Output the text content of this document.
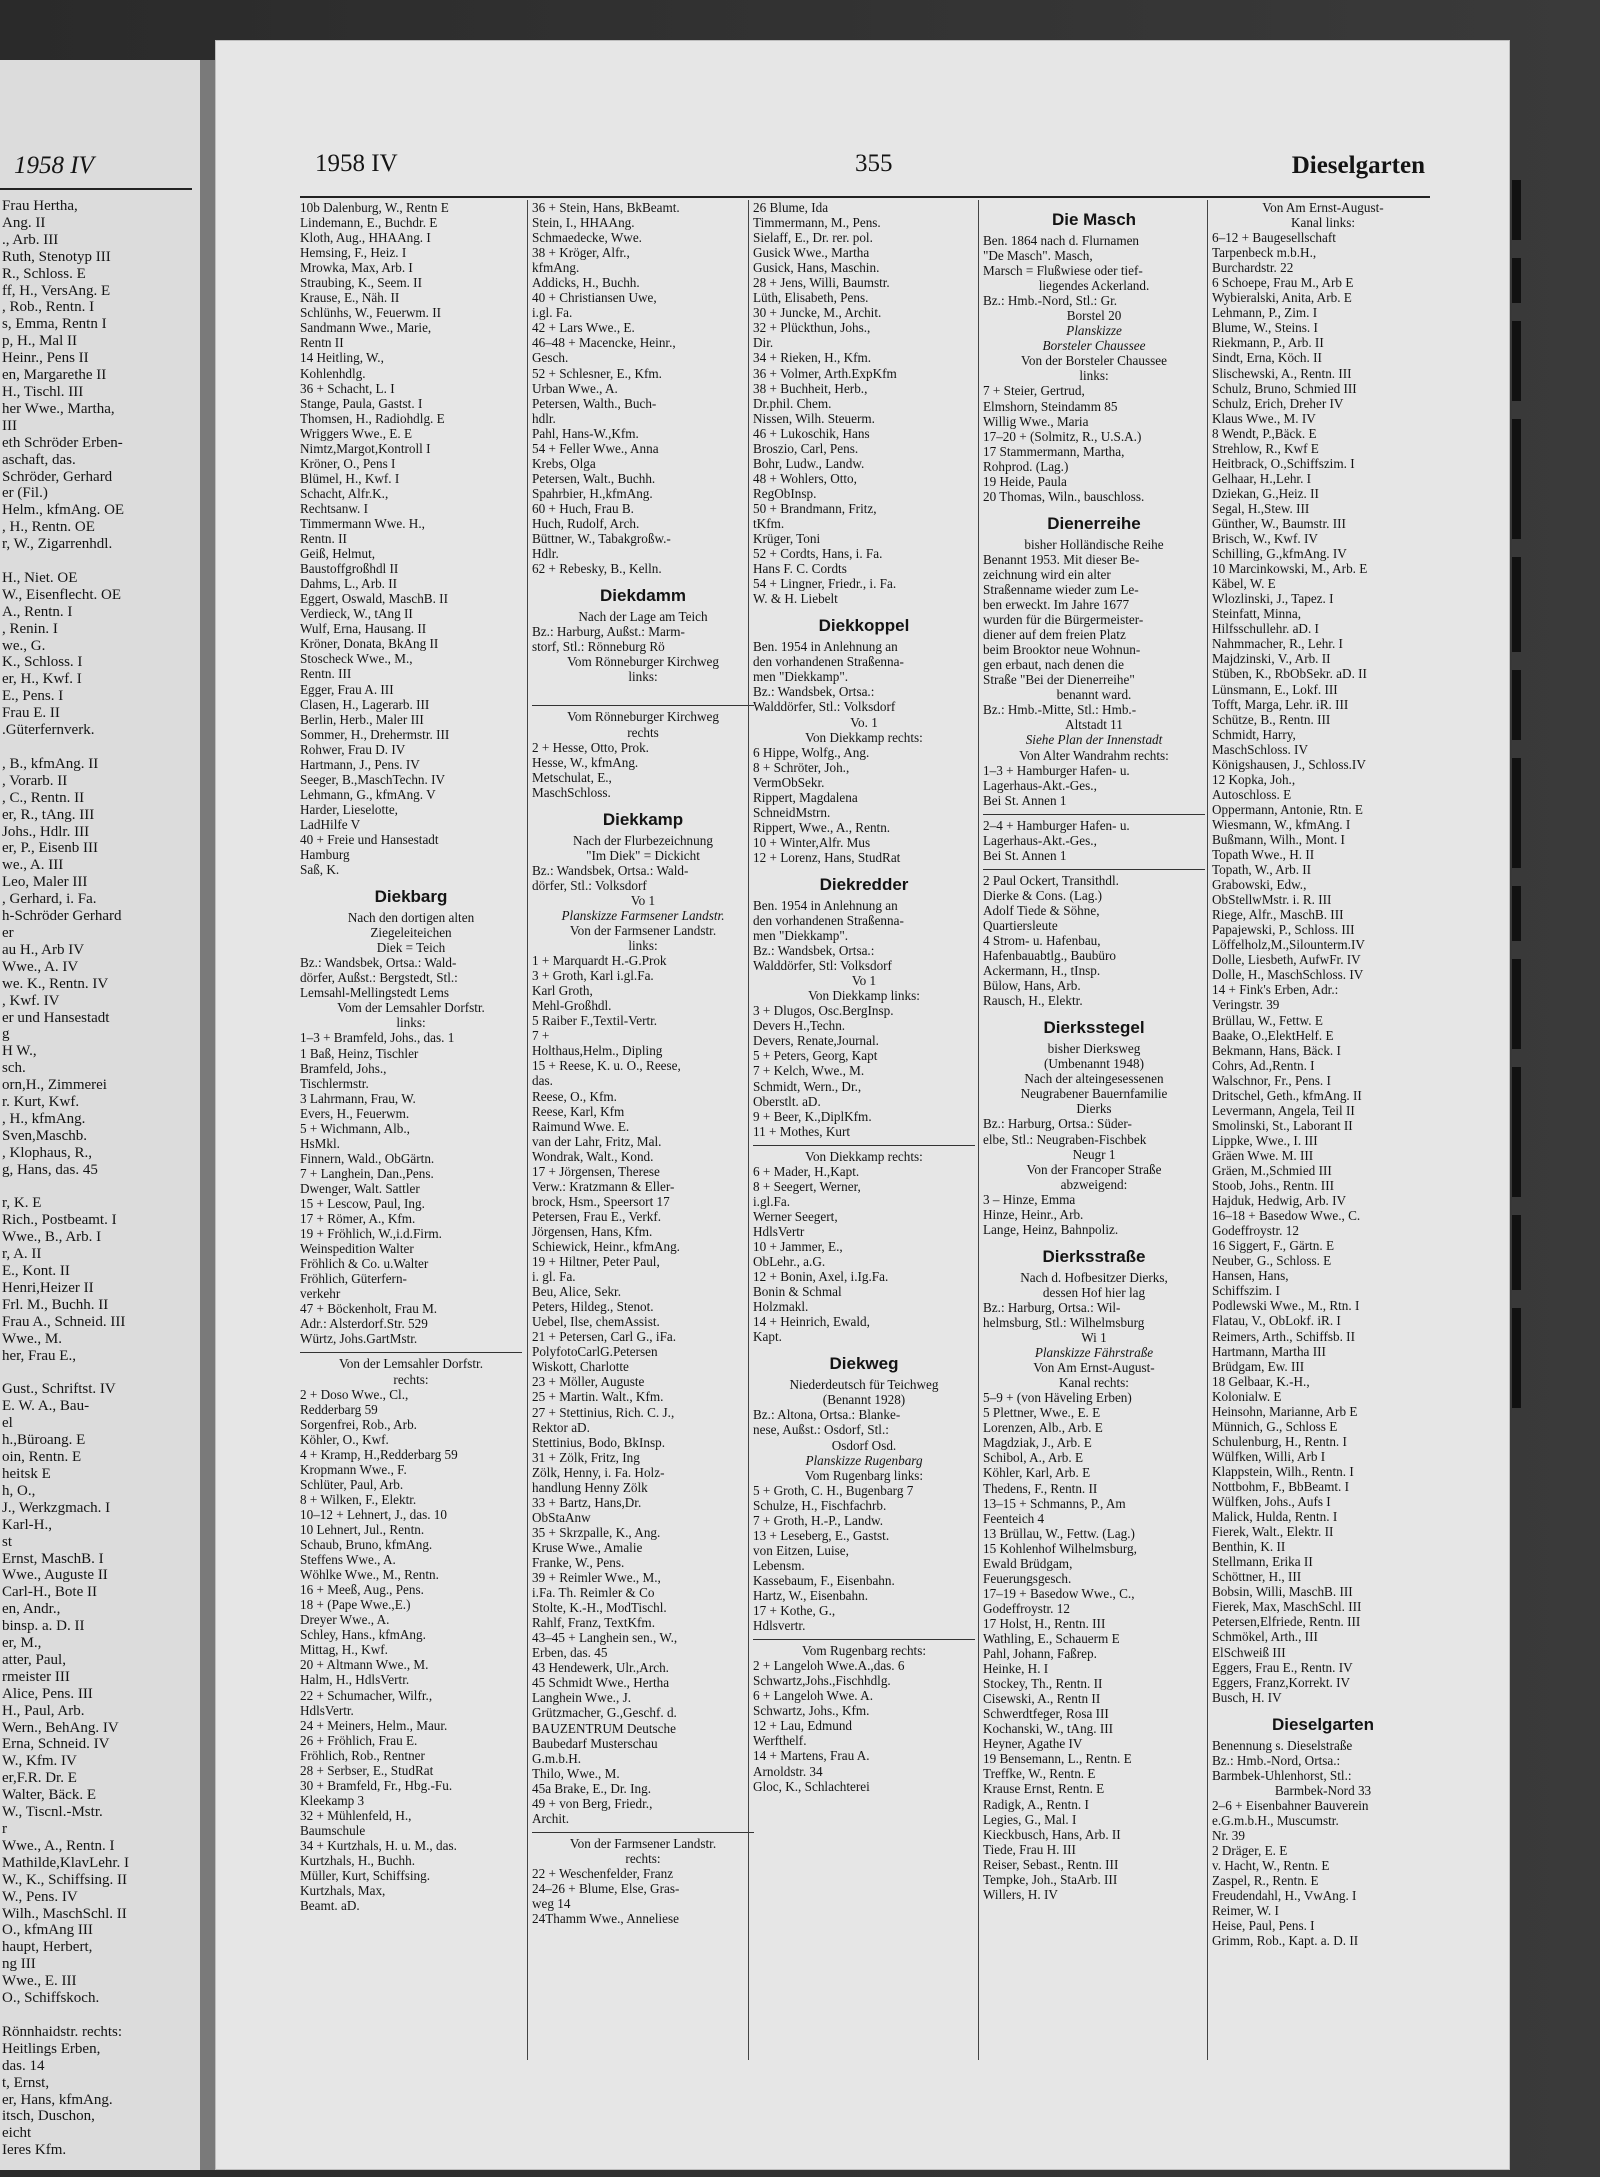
1958 IV
Frau Hertha,
Ang. II
., Arb. III
Ruth, Stenotyp III
R., Schloss. E
ff, H., VersAng. E
, Rob., Rentn. I
s, Emma, Rentn I
p, H., Mal II
Heinr., Pens II
en, Margarethe II
H., Tischl. III
her Wwe., Martha,
III
eth Schröder Erben-
aschaft, das.
Schröder, Gerhard
er (Fil.)
Helm., kfmAng. OE
, H., Rentn. OE
r, W., Zigarrenhdl.

H., Niet. OE
W., Eisenflecht. OE
A., Rentn. I
, Renin. I
we., G.
K., Schloss. I
er, H., Kwf. I
E., Pens. I
Frau E. II
.Güterfernverk.

, B., kfmAng. II
, Vorarb. II
, C., Rentn. II
er, R., tAng. III
Johs., Hdlr. III
er, P., Eisenb III
we., A. III
Leo, Maler III
, Gerhard, i. Fa.
h-Schröder Gerhard
er
au H., Arb IV
Wwe., A. IV
we. K., Rentn. IV
, Kwf. IV
er und Hansestadt
g
H W.,
sch.
orn,H., Zimmerei
r. Kurt, Kwf.
, H., kfmAng.
Sven,Maschb.
, Klophaus, R.,
g, Hans, das. 45

r, K. E
Rich., Postbeamt. I
Wwe., B., Arb. I
r, A. II
E., Kont. II
Henri,Heizer II
Frl. M., Buchh. II
Frau A., Schneid. III
Wwe., M.
her, Frau E.,

Gust., Schriftst. IV
E. W. A., Bau-
el
h.,Büroang. E
oin, Rentn. E
heitsk E
h, O.,
J., Werkzgmach. I
Karl-H.,
st
Ernst, MaschB. I
Wwe., Auguste II
Carl-H., Bote II
en, Andr.,
binsp. a. D. II
er, M.,
atter, Paul,
rmeister III
Alice, Pens. III
H., Paul, Arb.
Wern., BehAng. IV
Erna, Schneid. IV
W., Kfm. IV
er,F.R. Dr. E
Walter, Bäck. E
W., Tiscnl.-Mstr.
r
Wwe., A., Rentn. I
Mathilde,KlavLehr. I
W., K., Schiffsing. II
W., Pens. IV
Wilh., MaschSchl. II
O., kfmAng III
haupt, Herbert,
ng III
Wwe., E. III
O., Schiffskoch.

Rönnhaidstr. rechts:
Heitlings Erben,
das. 14
t, Ernst,
er, Hans, kfmAng.
itsch, Duschon,
eicht
Ieres Kfm.
1958 IV	355	Dieselgarten
10b Dalenburg, W., Rentn E
Lindemann, E., Buchdr. E
Kloth, Aug., HHAAng. I
Hemsing, F., Heiz. I
Mrowka, Max, Arb. I
Straubing, K., Seem. II
Krause, E., Näh. II
Schlünhs, W., Feuerwm. II
Sandmann Wwe., Marie,
Rentn II
14 Heitling, W.,
Kohlenhdlg.
36 + Schacht, L. I
Stange, Paula, Gastst. I
Thomsen, H., Radiohdlg. E
Wriggers Wwe., E. E
Nimtz,Margot,Kontroll I
Kröner, O., Pens I
Blümel, H., Kwf. I
Schacht, Alfr.K.,
Rechtsanw. I
Timmermann Wwe. H.,
Rentn. II
Geiß, Helmut,
Baustoffgroßhdl II
Dahms, L., Arb. II
Eggert, Oswald, MaschB. II
Verdieck, W., tAng II
Wulf, Erna, Hausang. II
Kröner, Donata, BkAng II
Stoscheck Wwe., M.,
Rentn. III
Egger, Frau A. III
Clasen, H., Lagerarb. III
Berlin, Herb., Maler III
Sommer, H., Drehermstr. III
Rohwer, Frau D. IV
Hartmann, J., Pens. IV
Seeger, B.,MaschTechn. IV
Lehmann, G., kfmAng. V
Harder, Lieselotte,
LadHilfe V
40 + Freie und Hansestadt
Hamburg
Saß, K.
Diekbarg
Nach den dortigen alten
Ziegeleiteichen
Diek = Teich
Bz.: Wandsbek, Ortsa.: Wald-
dörfer, Außst.: Bergstedt, Stl.:
Lemsahl-Mellingstedt Lems
Vom der Lemsahler Dorfstr.
links:
1–3 + Bramfeld, Johs., das. 1
1 Baß, Heinz, Tischler
Bramfeld, Johs.,
Tischlermstr.
3 Lahrmann, Frau, W.
Evers, H., Feuerwm.
5 + Wichmann, Alb.,
HsMkl.
Finnern, Wald., ObGärtn.
7 + Langhein, Dan.,Pens.
Dwenger, Walt. Sattler
15 + Lescow, Paul, Ing.
17 + Römer, A., Kfm.
19 + Fröhlich, W.,i.d.Firm.
Weinspedition Walter
Fröhlich & Co. u.Walter
Fröhlich, Güterfern-
verkehr
47 + Böckenholt, Frau M.
Adr.: Alsterdorf.Str. 529
Würtz, Johs.GartMstr.
Von der Lemsahler Dorfstr.
rechts:
2 + Doso Wwe., Cl.,
Redderbarg 59
Sorgenfrei, Rob., Arb.
Köhler, O., Kwf.
4 + Kramp, H.,Redderbarg 59
Kropmann Wwe., F.
Schlüter, Paul, Arb.
8 + Wilken, F., Elektr.
10–12 + Lehnert, J., das. 10
10 Lehnert, Jul., Rentn.
Schaub, Bruno, kfmAng.
Steffens Wwe., A.
Wöhlke Wwe., M., Rentn.
16 + Meeß, Aug., Pens.
18 + (Pape Wwe.,E.)
Dreyer Wwe., A.
Schley, Hans., kfmAng.
Mittag, H., Kwf.
20 + Altmann Wwe., M.
Halm, H., HdlsVertr.
22 + Schumacher, Wilfr.,
HdlsVertr.
24 + Meiners, Helm., Maur.
26 + Fröhlich, Frau E.
Fröhlich, Rob., Rentner
28 + Serbser, E., StudRat
30 + Bramfeld, Fr., Hbg.-Fu.
Kleekamp 3
32 + Mühlenfeld, H.,
Baumschule
34 + Kurtzhals, H. u. M., das.
Kurtzhals, H., Buchh.
Müller, Kurt, Schiffsing.
Kurtzhals, Max,
Beamt. aD.
36 + Stein, Hans, BkBeamt.
Stein, I., HHAAng.
Schmaedecke, Wwe.
38 + Kröger, Alfr.,
kfmAng.
Addicks, H., Buchh.
40 + Christiansen Uwe,
i.gl. Fa.
42 + Lars Wwe., E.
46–48 + Macencke, Heinr.,
Gesch.
52 + Schlesner, E., Kfm.
Urban Wwe., A.
Petersen, Walth., Buch-
hdlr.
Pahl, Hans-W.,Kfm.
54 + Feller Wwe., Anna
Krebs, Olga
Petersen, Walt., Buchh.
Spahrbier, H.,kfmAng.
60 + Huch, Frau B.
Huch, Rudolf, Arch.
Büttner, W., Tabakgroßw.-
Hdlr.
62 + Rebesky, B., Kelln.
Diekdamm
Nach der Lage am Teich
Bz.: Harburg, Außst.: Marm-
storf, Stl.: Rönneburg Rö
Vom Rönneburger Kirchweg
links:

Vom Rönneburger Kirchweg
rechts
2 + Hesse, Otto, Prok.
Hesse, W., kfmAng.
Metschulat, E.,
MaschSchloss.
Diekkamp
Nach der Flurbezeichnung
"Im Diek" = Dickicht
Bz.: Wandsbek, Ortsa.: Wald-
dörfer, Stl.: Volksdorf
Vo 1
Planskizze Farmsener Landstr.
Von der Farmsener Landstr.
links:
1 + Marquardt H.-G.Prok
3 + Groth, Karl i.gl.Fa.
Karl Groth,
Mehl-Großhdl.
5 Raiber F.,Textil-Vertr.
7 +
Holthaus,Helm., Dipling
15 + Reese, K. u. O., Reese,
das.
Reese, O., Kfm.
Reese, Karl, Kfm
Raimund Wwe. E.
van der Lahr, Fritz, Mal.
Wondrak, Walt., Kond.
17 + Jörgensen, Therese
Verw.: Kratzmann & Eller-
brock, Hsm., Speersort 17
Petersen, Frau E., Verkf.
Jörgensen, Hans, Kfm.
Schiewick, Heinr., kfmAng.
19 + Hiltner, Peter Paul,
i. gl. Fa.
Beu, Alice, Sekr.
Peters, Hildeg., Stenot.
Uebel, Ilse, chemAssist.
21 + Petersen, Carl G., iFa.
PolyfotoCarlG.Petersen
Wiskott, Charlotte
23 + Möller, Auguste
25 + Martin. Walt., Kfm.
27 + Stettinius, Rich. C. J.,
Rektor aD.
Stettinius, Bodo, BkInsp.
31 + Zölk, Fritz, Ing
Zölk, Henny, i. Fa. Holz-
handlung Henny Zölk
33 + Bartz, Hans,Dr.
ObStaAnw
35 + Skrzpalle, K., Ang.
Kruse Wwe., Amalie
Franke, W., Pens.
39 + Reimler Wwe., M.,
i.Fa. Th. Reimler & Co
Stolte, K.-H., ModTischl.
Rahlf, Franz, TextKfm.
43–45 + Langhein sen., W.,
Erben, das. 45
43 Hendewerk, Ulr.,Arch.
45 Schmidt Wwe., Hertha
Langhein Wwe., J.
Grützmacher, G.,Geschf. d.
BAUZENTRUM Deutsche
Baubedarf Musterschau
G.m.b.H.
Thilo, Wwe., M.
45a Brake, E., Dr. Ing.
49 + von Berg, Friedr.,
Archit.
Von der Farmsener Landstr.
rechts:
22 + Weschenfelder, Franz
24–26 + Blume, Else, Gras-
weg 14
24Thamm Wwe., Anneliese
26 Blume, Ida
Timmermann, M., Pens.
Sielaff, E., Dr. rer. pol.
Gusick Wwe., Martha
Gusick, Hans, Maschin.
28 + Jens, Willi, Baumstr.
Lüth, Elisabeth, Pens.
30 + Juncke, M., Archit.
32 + Plückthun, Johs.,
Dir.
34 + Rieken, H., Kfm.
36 + Volmer, Arth.ExpKfm
38 + Buchheit, Herb.,
Dr.phil. Chem.
Nissen, Wilh. Steuerm.
46 + Lukoschik, Hans
Broszio, Carl, Pens.
Bohr, Ludw., Landw.
48 + Wohlers, Otto,
RegObInsp.
50 + Brandmann, Fritz,
tKfm.
Krüger, Toni
52 + Cordts, Hans, i. Fa.
Hans F. C. Cordts
54 + Lingner, Friedr., i. Fa.
W. & H. Liebelt
Diekkoppel
Ben. 1954 in Anlehnung an
den vorhandenen Straßenna-
men "Diekkamp".
Bz.: Wandsbek, Ortsa.:
Walddörfer, Stl.: Volksdorf
Vo. 1
Von Diekkamp rechts:
6 Hippe, Wolfg., Ang.
8 + Schröter, Joh.,
VermObSekr.
Rippert, Magdalena
SchneidMstrn.
Rippert, Wwe., A., Rentn.
10 + Winter,Alfr. Mus
12 + Lorenz, Hans, StudRat
Diekredder
Ben. 1954 in Anlehnung an
den vorhandenen Straßenna-
men "Diekkamp".
Bz.: Wandsbek, Ortsa.:
Walddörfer, Stl: Volksdorf
Vo 1
Von Diekkamp links:
3 + Dlugos, Osc.BergInsp.
Devers H.,Techn.
Devers, Renate,Journal.
5 + Peters, Georg, Kapt
7 + Kelch, Wwe., M.
Schmidt, Wern., Dr.,
Oberstlt. aD.
9 + Beer, K.,DiplKfm.
11 + Mothes, Kurt
Von Diekkamp rechts:
6 + Mader, H.,Kapt.
8 + Seegert, Werner,
i.gl.Fa.
Werner Seegert,
HdlsVertr
10 + Jammer, E.,
ObLehr., a.G.
12 + Bonin, Axel, i.Ig.Fa.
Bonin & Schmal
Holzmakl.
14 + Heinrich, Ewald,
Kapt.
Diekweg
Niederdeutsch für Teichweg
(Benannt 1928)
Bz.: Altona, Ortsa.: Blanke-
nese, Außst.: Osdorf, Stl.:
Osdorf Osd.
Planskizze Rugenbarg
Vom Rugenbarg links:
5 + Groth, C. H., Bugenbarg 7
Schulze, H., Fischfachrb.
7 + Groth, H.-P., Landw.
13 + Leseberg, E., Gastst.
von Eitzen, Luise,
Lebensm.
Kassebaum, F., Eisenbahn.
Hartz, W., Eisenbahn.
17 + Kothe, G.,
Hdlsvertr.
Vom Rugenbarg rechts:
2 + Langeloh Wwe.A.,das. 6
Schwartz,Johs.,Fischhdlg.
6 + Langeloh Wwe. A.
Schwartz, Johs., Kfm.
12 + Lau, Edmund
Werfthelf.
14 + Martens, Frau A.
Arnoldstr. 34
Gloc, K., Schlachterei
Die Masch
Ben. 1864 nach d. Flurnamen
"De Masch". Masch,
Marsch = Flußwiese oder tief-
liegendes Ackerland.
Bz.: Hmb.-Nord, Stl.: Gr.
Borstel 20
Planskizze
Borsteler Chaussee
Von der Borsteler Chaussee
links:
7 + Steier, Gertrud,
Elmshorn, Steindamm 85
Willig Wwe., Maria
17–20 + (Solmitz, R., U.S.A.)
17 Stammermann, Martha,
Rohprod. (Lag.)
19 Heide, Paula
20 Thomas, Wiln., bauschloss.
Dienerreihe
bisher Holländische Reihe
Benannt 1953. Mit dieser Be-
zeichnung wird ein alter
Straßenname wieder zum Le-
ben erweckt. Im Jahre 1677
wurden für die Bürgermeister-
diener auf dem freien Platz
beim Brooktor neue Wohnun-
gen erbaut, nach denen die
Straße "Bei der Dienerreihe"
benannt ward.
Bz.: Hmb.-Mitte, Stl.: Hmb.-
Altstadt 11
Siehe Plan der Innenstadt
Von Alter Wandrahm rechts:
1–3 + Hamburger Hafen- u.
Lagerhaus-Akt.-Ges.,
Bei St. Annen 1
2–4 + Hamburger Hafen- u.
Lagerhaus-Akt.-Ges.,
Bei St. Annen 1
2 Paul Ockert, Transithdl.
Dierke & Cons. (Lag.)
Adolf Tiede & Söhne,
Quartiersleute
4 Strom- u. Hafenbau,
Hafenbauabtlg., Baubüro
Ackermann, H., tInsp.
Bülow, Hans, Arb.
Rausch, H., Elektr.
Dierksstegel
bisher Dierksweg
(Umbenannt 1948)
Nach der alteingesessenen
Neugrabener Bauernfamilie
Dierks
Bz.: Harburg, Ortsa.: Süder-
elbe, Stl.: Neugraben-Fischbek
Neugr 1
Von der Francoper Straße
abzweigend:
3 – Hinze, Emma
Hinze, Heinr., Arb.
Lange, Heinz, Bahnpoliz.
Dierksstraße
Nach d. Hofbesitzer Dierks,
dessen Hof hier lag
Bz.: Harburg, Ortsa.: Wil-
helmsburg, Stl.: Wilhelmsburg
Wi 1
Planskizze Fährstraße
Von Am Ernst-August-
Kanal rechts:
5–9 + (von Häveling Erben)
5 Plettner, Wwe., E. E
Lorenzen, Alb., Arb. E
Magdziak, J., Arb. E
Schibol, A., Arb. E
Köhler, Karl, Arb. E
Thedens, F., Rentn. II
13–15 + Schmanns, P., Am
Feenteich 4
13 Brüllau, W., Fettw. (Lag.)
15 Kohlenhof Wilhelmsburg,
Ewald Brüdgam,
Feuerungsgesch.
17–19 + Basedow Wwe., C.,
Godeffroystr. 12
17 Holst, H., Rentn. III
Wathling, E., Schauerm E
Pahl, Johann, Faßrep.
Heinke, H. I
Stockey, Th., Rentn. II
Cisewski, A., Rentn II
Schwerdtfeger, Rosa III
Kochanski, W., tAng. III
Heyner, Agathe IV
19 Bensemann, L., Rentn. E
Treffke, W., Rentn. E
Krause Ernst, Rentn. E
Radigk, A., Rentn. I
Legies, G., Mal. I
Kieckbusch, Hans, Arb. II
Tiede, Frau H. III
Reiser, Sebast., Rentn. III
Tempke, Joh., StaArb. III
Willers, H. IV
Von Am Ernst-August-
Kanal links:
6–12 + Baugesellschaft
Tarpenbeck m.b.H.,
Burchardstr. 22
6 Schoepe, Frau M., Arb E
Wybieralski, Anita, Arb. E
Lehmann, P., Zim. I
Blume, W., Steins. I
Riekmann, P., Arb. II
Sindt, Erna, Köch. II
Slischewski, A., Rentn. III
Schulz, Bruno, Schmied III
Schulz, Erich, Dreher IV
Klaus Wwe., M. IV
8 Wendt, P.,Bäck. E
Strehlow, R., Kwf E
Heitbrack, O.,Schiffszim. I
Gelhaar, H.,Lehr. I
Dziekan, G.,Heiz. II
Segal, H.,Stew. III
Günther, W., Baumstr. III
Brisch, W., Kwf. IV
Schilling, G.,kfmAng. IV
10 Marcinkowski, M., Arb. E
Käbel, W. E
Wlozlinski, J., Tapez. I
Steinfatt, Minna,
Hilfsschullehr. aD. I
Nahmmacher, R., Lehr. I
Majdzinski, V., Arb. II
Stüben, K., RbObSekr. aD. II
Lünsmann, E., Lokf. III
Tofft, Marga, Lehr. iR. III
Schütze, B., Rentn. III
Schmidt, Harry,
MaschSchloss. IV
Königshausen, J., Schloss.IV
12 Kopka, Joh.,
Autoschloss. E
Oppermann, Antonie, Rtn. E
Wiesmann, W., kfmAng. I
Bußmann, Wilh., Mont. I
Topath Wwe., H. II
Topath, W., Arb. II
Grabowski, Edw.,
ObStellwMstr. i. R. III
Riege, Alfr., MaschB. III
Papajewski, P., Schloss. III
Löffelholz,M.,Silounterm.IV
Dolle, Liesbeth, AufwFr. IV
Dolle, H., MaschSchloss. IV
14 + Fink's Erben, Adr.:
Veringstr. 39
Brüllau, W., Fettw. E
Baake, O.,ElektHelf. E
Bekmann, Hans, Bäck. I
Cohrs, Ad.,Rentn. I
Walschnor, Fr., Pens. I
Dritschel, Geth., kfmAng. II
Levermann, Angela, Teil II
Smolinski, St., Laborant II
Lippke, Wwe., I. III
Gräen Wwe. M. III
Gräen, M.,Schmied III
Stoob, Johs., Rentn. III
Hajduk, Hedwig, Arb. IV
16–18 + Basedow Wwe., C.
Godeffroystr. 12
16 Siggert, F., Gärtn. E
Neuber, G., Schloss. E
Hansen, Hans,
Schiffszim. I
Podlewski Wwe., M., Rtn. I
Flatau, V., ObLokf. iR. I
Reimers, Arth., Schiffsb. II
Hartmann, Martha III
Brüdgam, Ew. III
18 Gelbaar, K.-H.,
Kolonialw. E
Heinsohn, Marianne, Arb E
Münnich, G., Schloss E
Schulenburg, H., Rentn. I
Wülfken, Willi, Arb I
Klappstein, Wilh., Rentn. I
Nottbohm, F., BbBeamt. I
Wülfken, Johs., Aufs I
Malick, Hulda, Rentn. I
Fierek, Walt., Elektr. II
Benthin, K. II
Stellmann, Erika II
Schöttner, H., III
Bobsin, Willi, MaschB. III
Fierek, Max, MaschSchl. III
Petersen,Elfriede, Rentn. III
Schmökel, Arth., III
ElSchweiß III
Eggers, Frau E., Rentn. IV
Eggers, Franz,Korrekt. IV
Busch, H. IV
Dieselgarten
Benennung s. Dieselstraße
Bz.: Hmb.-Nord, Ortsa.:
Barmbek-Uhlenhorst, Stl.:
Barmbek-Nord 33
2–6 + Eisenbahner Bauverein
e.G.m.b.H., Muscumstr.
Nr. 39
2 Dräger, E. E
v. Hacht, W., Rentn. E
Zaspel, R., Rentn. E
Freudendahl, H., VwAng. I
Reimer, W. I
Heise, Paul, Pens. I
Grimm, Rob., Kapt. a. D. II
